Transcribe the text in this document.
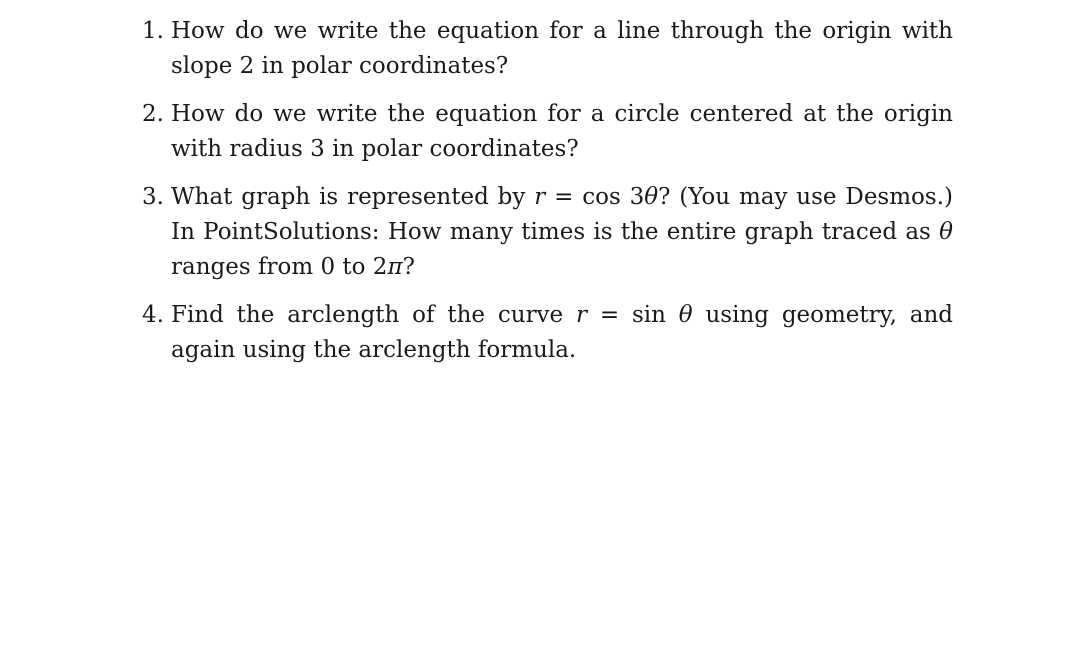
1. How do we write the equation for a line through the origin with slope 2 in polar coordinates?
2. How do we write the equation for a circle centered at the origin with radius 3 in polar coordinates?
3. What graph is represented by r = cos 3θ? (You may use Desmos.) In PointSolutions: How many times is the entire graph traced as θ ranges from 0 to 2π?
4. Find the arclength of the curve r = sin θ using geometry, and again using the arclength formula.
